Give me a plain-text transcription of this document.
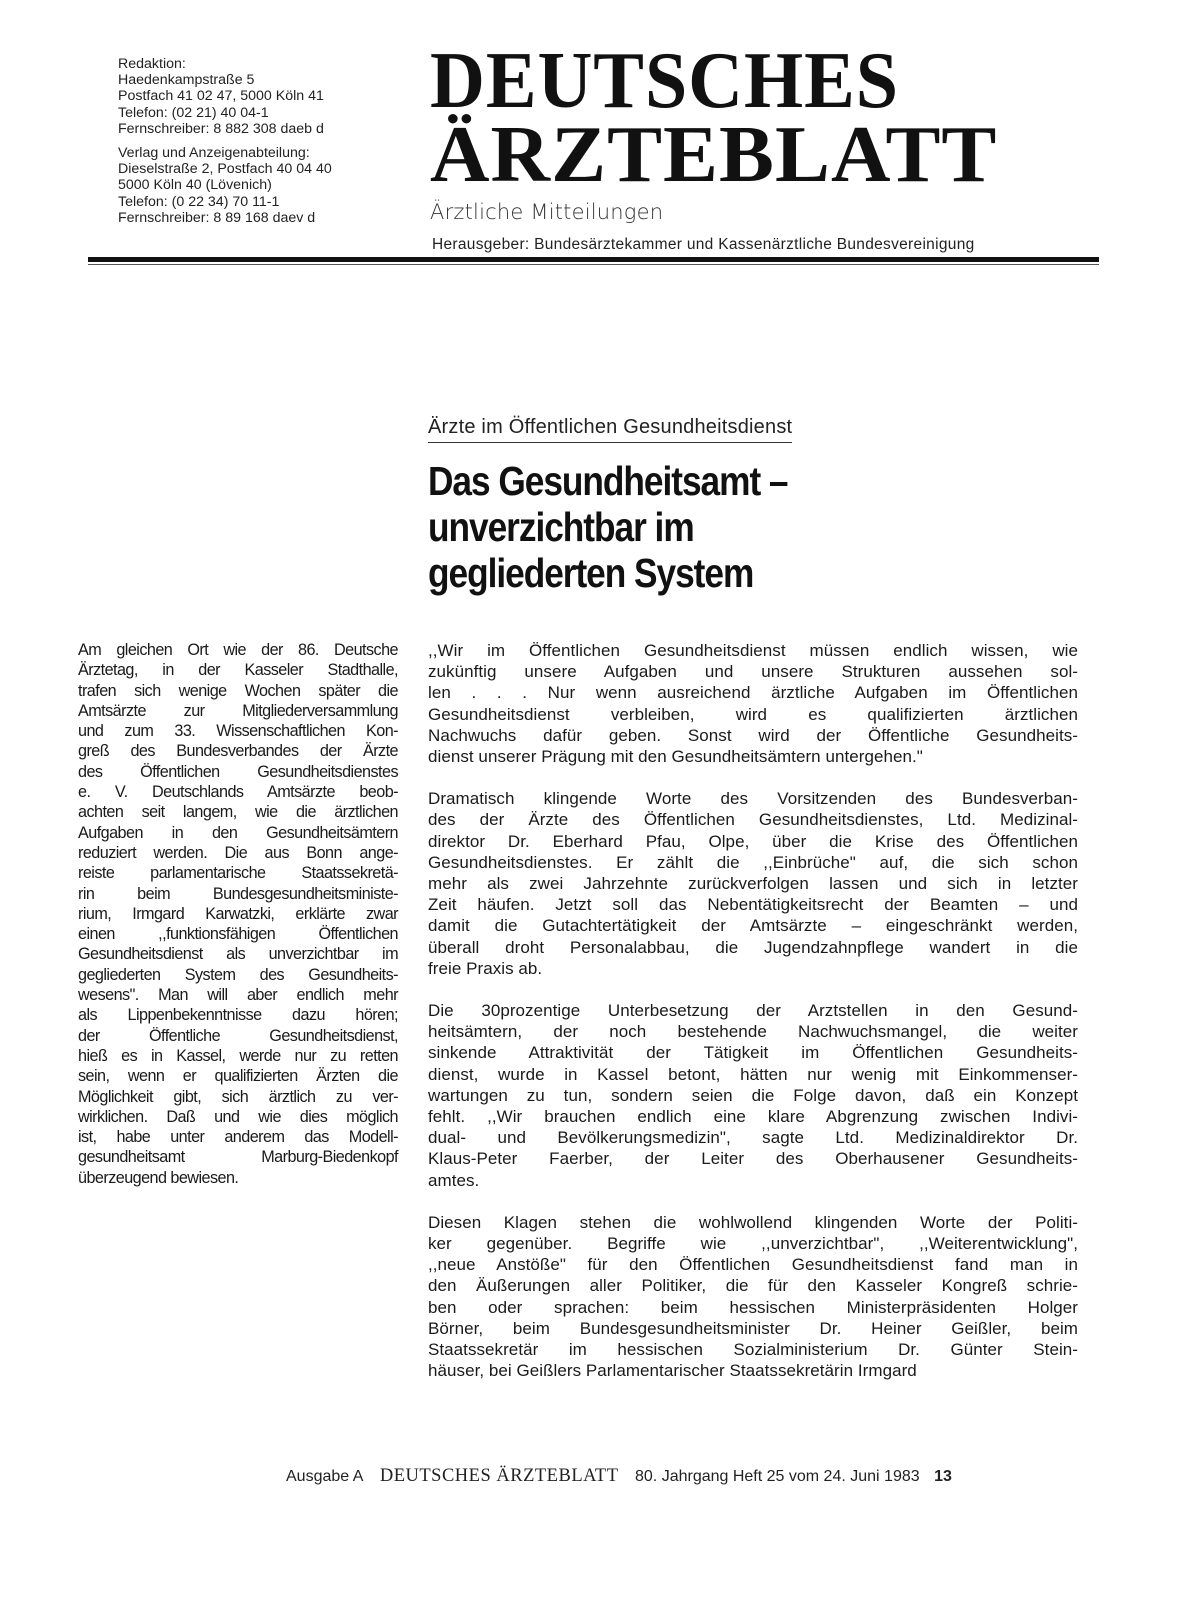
Redaktion:
Haedenkampstraße 5
Postfach 41 02 47, 5000 Köln 41
Telefon: (02 21) 40 04-1
Fernschreiber: 8 882 308 daeb d
Verlag und Anzeigenabteilung:
Dieselstraße 2, Postfach 40 04 40
5000 Köln 40 (Lövenich)
Telefon: (0 22 34) 70 11-1
Fernschreiber: 8 89 168 daev d
DEUTSCHES
ÄRZTEBLATT
Ärztliche Mitteilungen
Herausgeber: Bundesärztekammer und Kassenärztliche Bundesvereinigung
Ärzte im Öffentlichen Gesundheitsdienst
Das Gesundheitsamt –
unverzichtbar im
gegliederten System
Am gleichen Ort wie der 86. Deutsche
Ärztetag, in der Kasseler Stadthalle,
trafen sich wenige Wochen später die
Amtsärzte zur Mitgliederversammlung
und zum 33. Wissenschaftlichen Kon-
greß des Bundesverbandes der Ärzte
des Öffentlichen Gesundheitsdienstes
e. V. Deutschlands Amtsärzte beob-
achten seit langem, wie die ärztlichen
Aufgaben in den Gesundheitsämtern
reduziert werden. Die aus Bonn ange-
reiste parlamentarische Staatssekretä-
rin beim Bundesgesundheitsministe-
rium, Irmgard Karwatzki, erklärte zwar
einen ,,funktionsfähigen Öffentlichen
Gesundheitsdienst als unverzichtbar im
gegliederten System des Gesundheits-
wesens". Man will aber endlich mehr
als Lippenbekenntnisse dazu hören;
der Öffentliche Gesundheitsdienst,
hieß es in Kassel, werde nur zu retten
sein, wenn er qualifizierten Ärzten die
Möglichkeit gibt, sich ärztlich zu ver-
wirklichen. Daß und wie dies möglich
ist, habe unter anderem das Modell-
gesundheitsamt Marburg-Biedenkopf
überzeugend bewiesen.
,,Wir im Öffentlichen Gesundheitsdienst müssen endlich wissen, wie
zukünftig unsere Aufgaben und unsere Strukturen aussehen sol-
len . . . Nur wenn ausreichend ärztliche Aufgaben im Öffentlichen
Gesundheitsdienst verbleiben, wird es qualifizierten ärztlichen
Nachwuchs dafür geben. Sonst wird der Öffentliche Gesundheits-
dienst unserer Prägung mit den Gesundheitsämtern untergehen."
Dramatisch klingende Worte des Vorsitzenden des Bundesverban-
des der Ärzte des Öffentlichen Gesundheitsdienstes, Ltd. Medizinal-
direktor Dr. Eberhard Pfau, Olpe, über die Krise des Öffentlichen
Gesundheitsdienstes. Er zählt die ,,Einbrüche" auf, die sich schon
mehr als zwei Jahrzehnte zurückverfolgen lassen und sich in letzter
Zeit häufen. Jetzt soll das Nebentätigkeitsrecht der Beamten – und
damit die Gutachtertätigkeit der Amtsärzte – eingeschränkt werden,
überall droht Personalabbau, die Jugendzahnpflege wandert in die
freie Praxis ab.
Die 30prozentige Unterbesetzung der Arztstellen in den Gesund-
heitsämtern, der noch bestehende Nachwuchsmangel, die weiter
sinkende Attraktivität der Tätigkeit im Öffentlichen Gesundheits-
dienst, wurde in Kassel betont, hätten nur wenig mit Einkommenser-
wartungen zu tun, sondern seien die Folge davon, daß ein Konzept
fehlt. ,,Wir brauchen endlich eine klare Abgrenzung zwischen Indivi-
dual- und Bevölkerungsmedizin", sagte Ltd. Medizinaldirektor Dr.
Klaus-Peter Faerber, der Leiter des Oberhausener Gesundheits-
amtes.
Diesen Klagen stehen die wohlwollend klingenden Worte der Politi-
ker gegenüber. Begriffe wie ,,unverzichtbar", ,,Weiterentwicklung",
,,neue Anstöße" für den Öffentlichen Gesundheitsdienst fand man in
den Äußerungen aller Politiker, die für den Kasseler Kongreß schrie-
ben oder sprachen: beim hessischen Ministerpräsidenten Holger
Börner, beim Bundesgesundheitsminister Dr. Heiner Geißler, beim
Staatssekretär im hessischen Sozialministerium Dr. Günter Stein-
häuser, bei Geißlers Parlamentarischer Staatssekretärin Irmgard
Ausgabe A DEUTSCHES ÄRZTEBLATT 80. Jahrgang Heft 25 vom 24. Juni 1983 13
